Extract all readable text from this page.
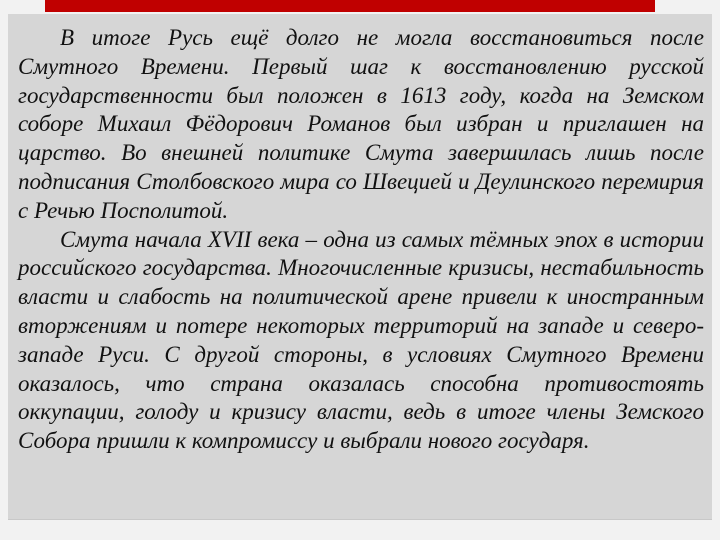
В итоге Русь ещё долго не могла восстановиться после Смутного Времени. Первый шаг к восстановлению русской государственности был положен в 1613 году, когда на Земском соборе Михаил Фёдорович Романов был избран и приглашен на царство. Во внешней политике Смута завершилась лишь после подписания Столбовского мира со Швецией и Деулинского перемирия с Речью Посполитой.

Смута начала XVII века – одна из самых тёмных эпох в истории российского государства. Многочисленные кризисы, нестабильность власти и слабость на политической арене привели к иностранным вторжениям и потере некоторых территорий на западе и северо-западе Руси. С другой стороны, в условиях Смутного Времени оказалось, что страна оказалась способна противостоять оккупации, голоду и кризису власти, ведь в итоге члены Земского Собора пришли к компромиссу и выбрали нового государя.
